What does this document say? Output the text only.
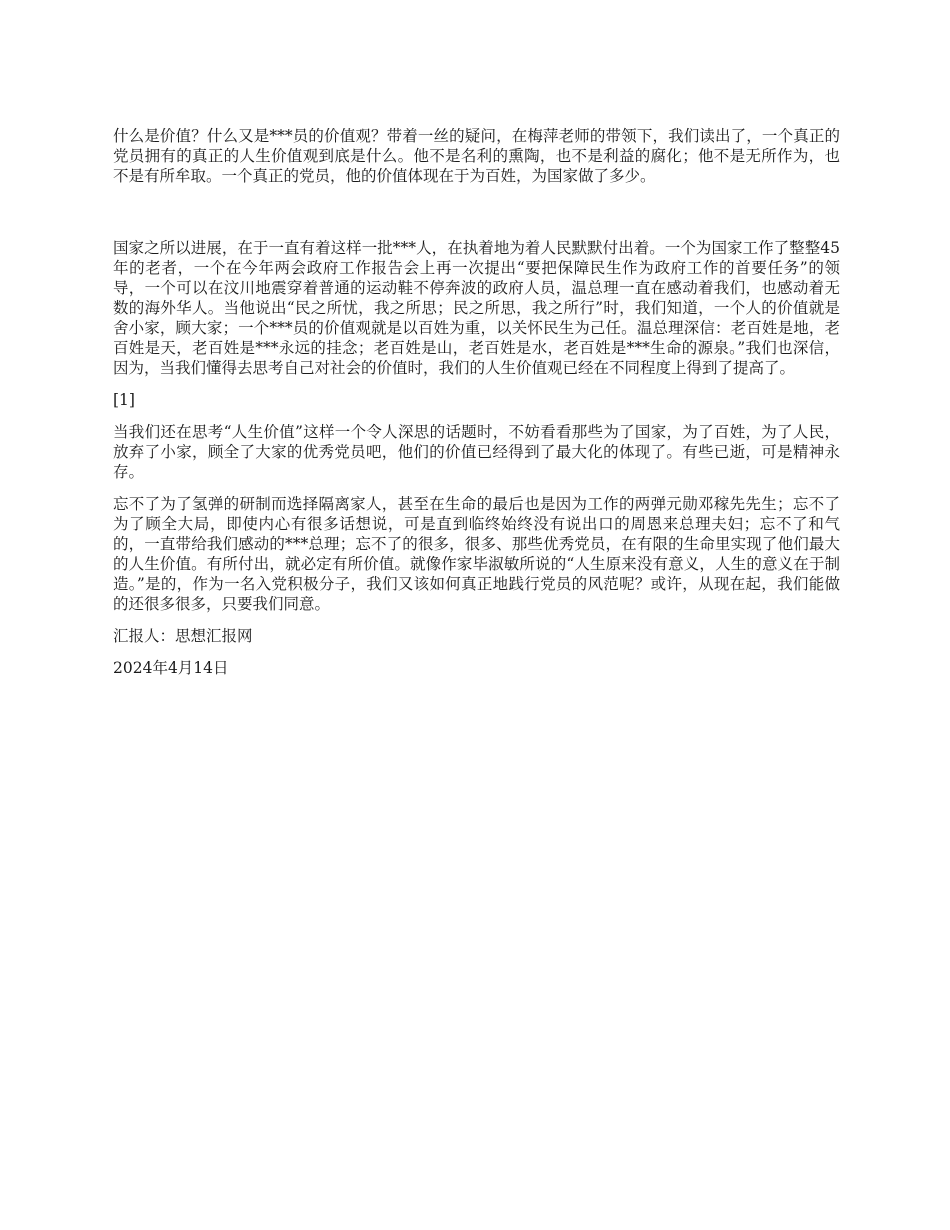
什么是价值？什么又是***员的价值观？带着一丝的疑问，在梅萍老师的带领下，我们读出了，一个真正的党员拥有的真正的人生价值观到底是什么。他不是名利的熏陶，也不是利益的腐化；他不是无所作为，也不是有所牟取。一个真正的党员，他的价值体现在于为百姓，为国家做了多少。

国家之所以进展，在于一直有着这样一批***人，在执着地为着人民默默付出着。一个为国家工作了整整45年的老者，一个在今年两会政府工作报告会上再一次提出“要把保障民生作为政府工作的首要任务”的领导，一个可以在汶川地震穿着普通的运动鞋不停奔波的政府人员，温总理一直在感动着我们，也感动着无数的海外华人。当他说出“民之所忧，我之所思；民之所思，我之所行”时，我们知道，一个人的价值就是舍小家，顾大家；一个***员的价值观就是以百姓为重，以关怀民生为己任。温总理深信：老百姓是地，老百姓是天，老百姓是***永远的挂念；老百姓是山，老百姓是水，老百姓是***生命的源泉。”我们也深信，因为，当我们懂得去思考自己对社会的价值时，我们的人生价值观已经在不同程度上得到了提高了。

[1]

当我们还在思考“人生价值”这样一个令人深思的话题时，不妨看看那些为了国家，为了百姓，为了人民，放弃了小家，顾全了大家的优秀党员吧，他们的价值已经得到了最大化的体现了。有些已逝，可是精神永存。

忘不了为了氢弹的研制而选择隔离家人，甚至在生命的最后也是因为工作的两弹元勋邓稼先先生；忘不了为了顾全大局，即使内心有很多话想说，可是直到临终始终没有说出口的周恩来总理夫妇；忘不了和气的，一直带给我们感动的***总理；忘不了的很多，很多、那些优秀党员，在有限的生命里实现了他们最大的人生价值。有所付出，就必定有所价值。就像作家毕淑敏所说的“人生原来没有意义，人生的意义在于制造。”是的，作为一名入党积极分子，我们又该如何真正地践行党员的风范呢？或许，从现在起，我们能做的还很多很多，只要我们同意。

汇报人：思想汇报网

2024年4月14日
